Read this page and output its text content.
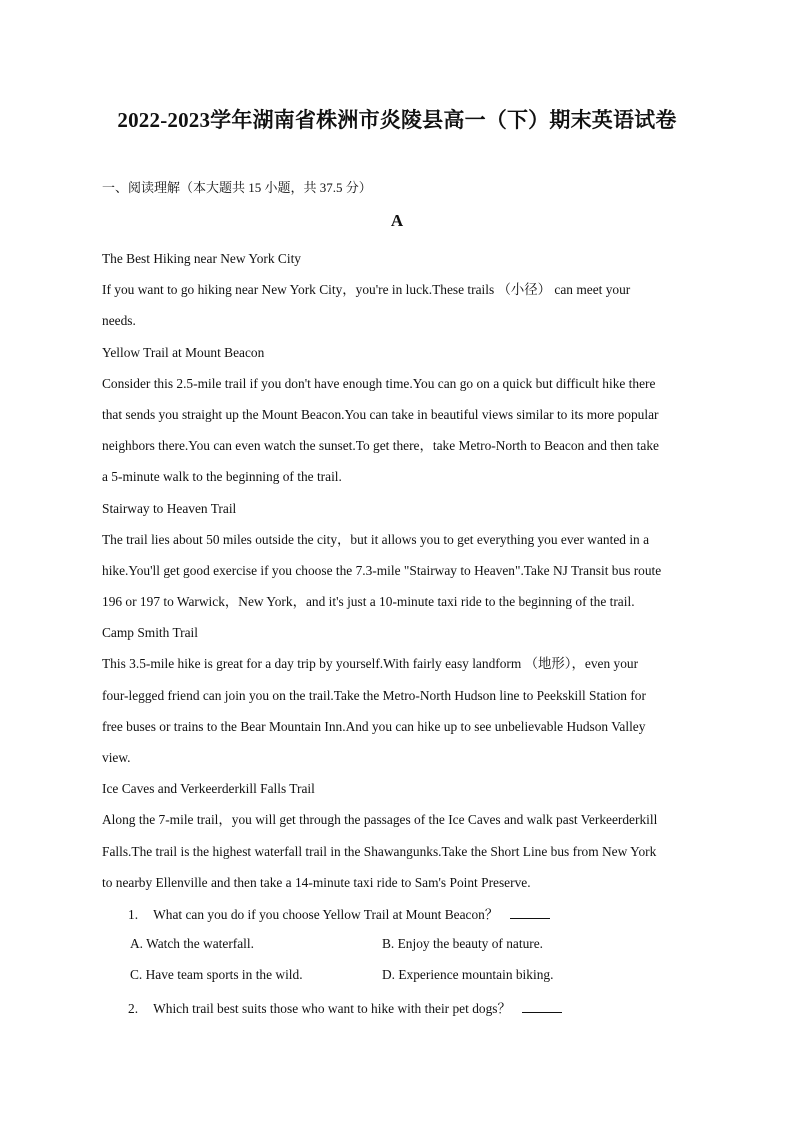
2022-2023学年湖南省株洲市炎陵县高一（下）期末英语试卷
一、阅读理解（本大题共 15 小题，共 37.5 分）
A
The Best Hiking near New York City
If you want to go hiking near New York City，you're in luck.These trails （小径） can meet your
needs.
Yellow Trail at Mount Beacon
Consider this 2.5-mile trail if you don't have enough time.You can go on a quick but difficult hike there
that sends you straight up the Mount Beacon.You can take in beautiful views similar to its more popular
neighbors there.You can even watch the sunset.To get there，take Metro-North to Beacon and then take
a 5-minute walk to the beginning of the trail.
Stairway to Heaven Trail
The trail lies about 50 miles outside the city，but it allows you to get everything you ever wanted in a
hike.You'll get good exercise if you choose the 7.3-mile "Stairway to Heaven".Take NJ Transit bus route
196 or 197 to Warwick，New York，and it's just a 10-minute taxi ride to the beginning of the trail.
Camp Smith Trail
This 3.5-mile hike is great for a day trip by yourself.With fairly easy landform （地形），even your
four-legged friend can join you on the trail.Take the Metro-North Hudson line to Peekskill Station for
free buses or trains to the Bear Mountain Inn.And you can hike up to see unbelievable Hudson Valley
view.
Ice Caves and Verkeerderkill Falls Trail
Along the 7-mile trail，you will get through the passages of the Ice Caves and walk past Verkeerderkill
Falls.The trail is the highest waterfall trail in the Shawangunks.Take the Short Line bus from New York
to nearby Ellenville and then take a 14-minute taxi ride to Sam's Point Preserve.
1. What can you do if you choose Yellow Trail at Mount Beacon？
A. Watch the waterfall.	B. Enjoy the beauty of nature.
C. Have team sports in the wild.	D. Experience mountain biking.
2. Which trail best suits those who want to hike with their pet dogs？
